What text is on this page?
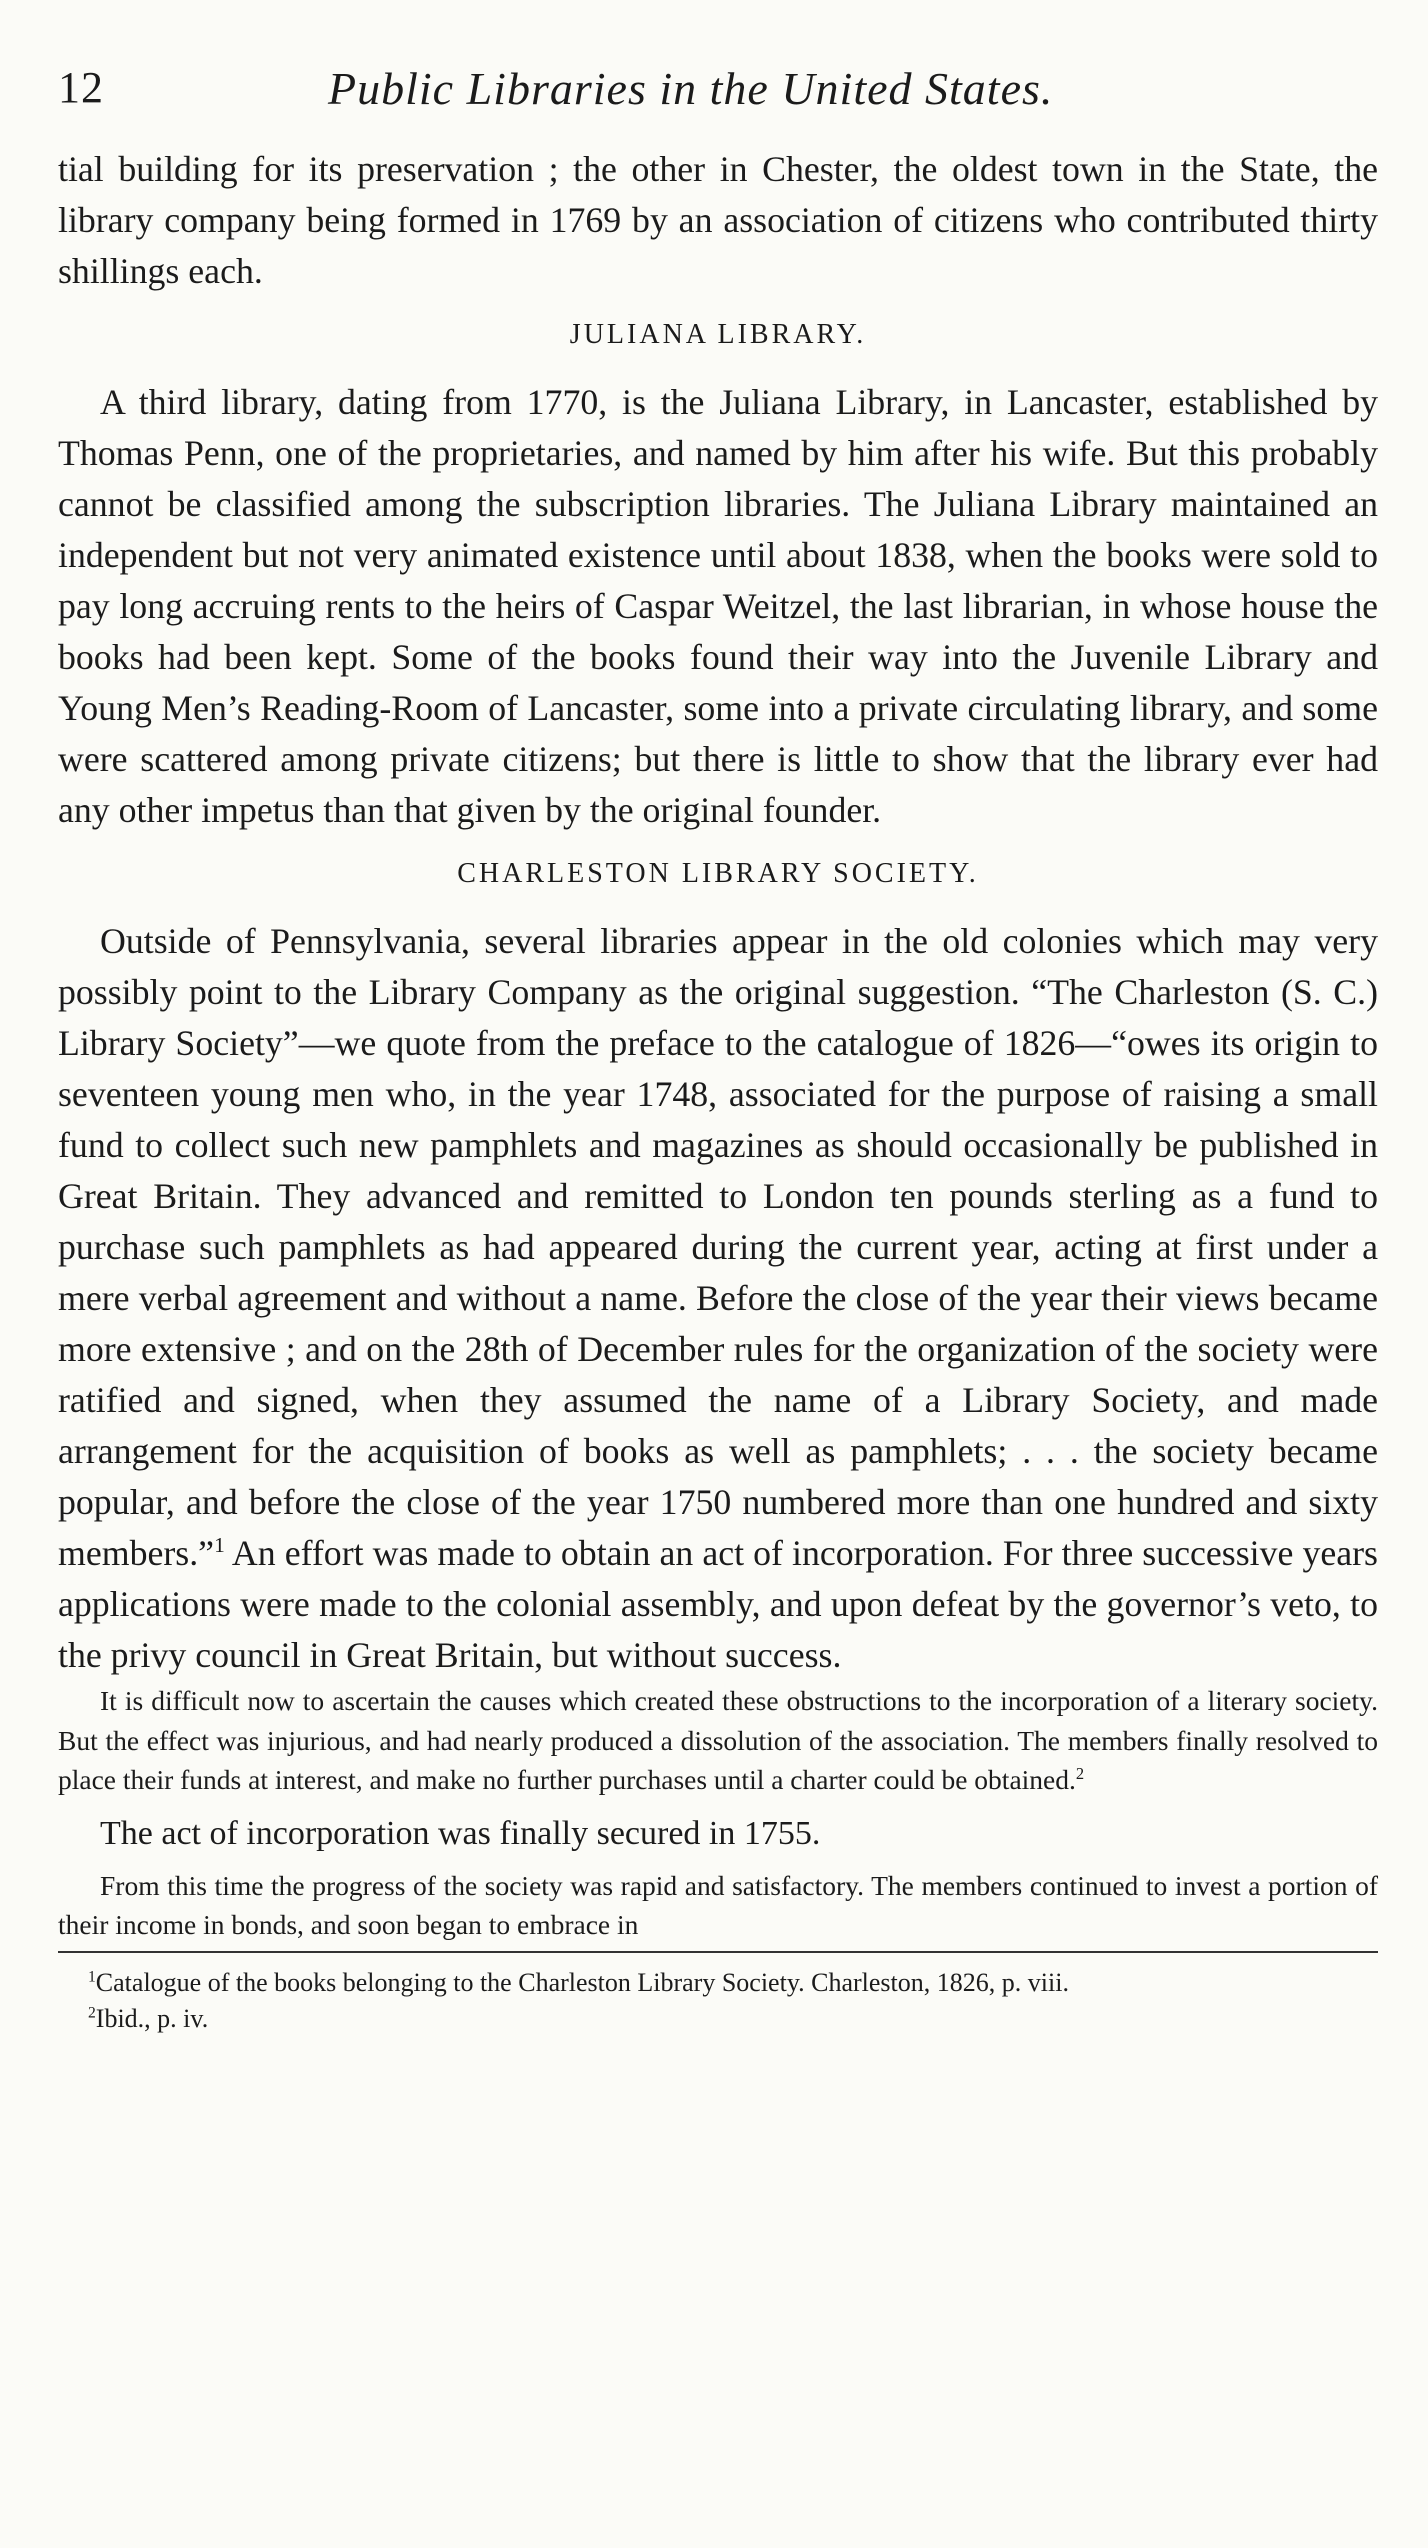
12	Public Libraries in the United States.

tial building for its preservation ; the other in Chester, the oldest town in the State, the library company being formed in 1769 by an association of citizens who contributed thirty shillings each.

JULIANA LIBRARY.

A third library, dating from 1770, is the Juliana Library, in Lancaster, established by Thomas Penn, one of the proprietaries, and named by him after his wife. But this probably cannot be classified among the subscription libraries. The Juliana Library maintained an independent but not very animated existence until about 1838, when the books were sold to pay long accruing rents to the heirs of Caspar Weitzel, the last librarian, in whose house the books had been kept. Some of the books found their way into the Juvenile Library and Young Men’s Reading-Room of Lancaster, some into a private circulating library, and some were scattered among private citizens; but there is little to show that the library ever had any other impetus than that given by the original founder.

CHARLESTON LIBRARY SOCIETY.

Outside of Pennsylvania, several libraries appear in the old colonies which may very possibly point to the Library Company as the original suggestion. “The Charleston (S. C.) Library Society”—we quote from the preface to the catalogue of 1826—“owes its origin to seventeen young men who, in the year 1748, associated for the purpose of raising a small fund to collect such new pamphlets and magazines as should occasionally be published in Great Britain. They advanced and remitted to London ten pounds sterling as a fund to purchase such pamphlets as had appeared during the current year, acting at first under a mere verbal agreement and without a name. Before the close of the year their views became more extensive ; and on the 28th of December rules for the organization of the society were ratified and signed, when they assumed the name of a Library Society, and made arrangement for the acquisition of books as well as pamphlets; . . . the society became popular, and before the close of the year 1750 numbered more than one hundred and sixty members.”$^1$ An effort was made to obtain an act of incorporation. For three successive years applications were made to the colonial assembly, and upon defeat by the governor’s veto, to the privy council in Great Britain, but without success.

It is difficult now to ascertain the causes which created these obstructions to the incorporation of a literary society. But the effect was injurious, and had nearly produced a dissolution of the association. The members finally resolved to place their funds at interest, and make no further purchases until a charter could be obtained.$^2$

The act of incorporation was finally secured in 1755.

From this time the progress of the society was rapid and satisfactory. The members continued to invest a portion of their income in bonds, and soon began to embrace in

$^1$Catalogue of the books belonging to the Charleston Library Society. Charleston, 1826, p. viii.

$^2$Ibid., p. iv.
